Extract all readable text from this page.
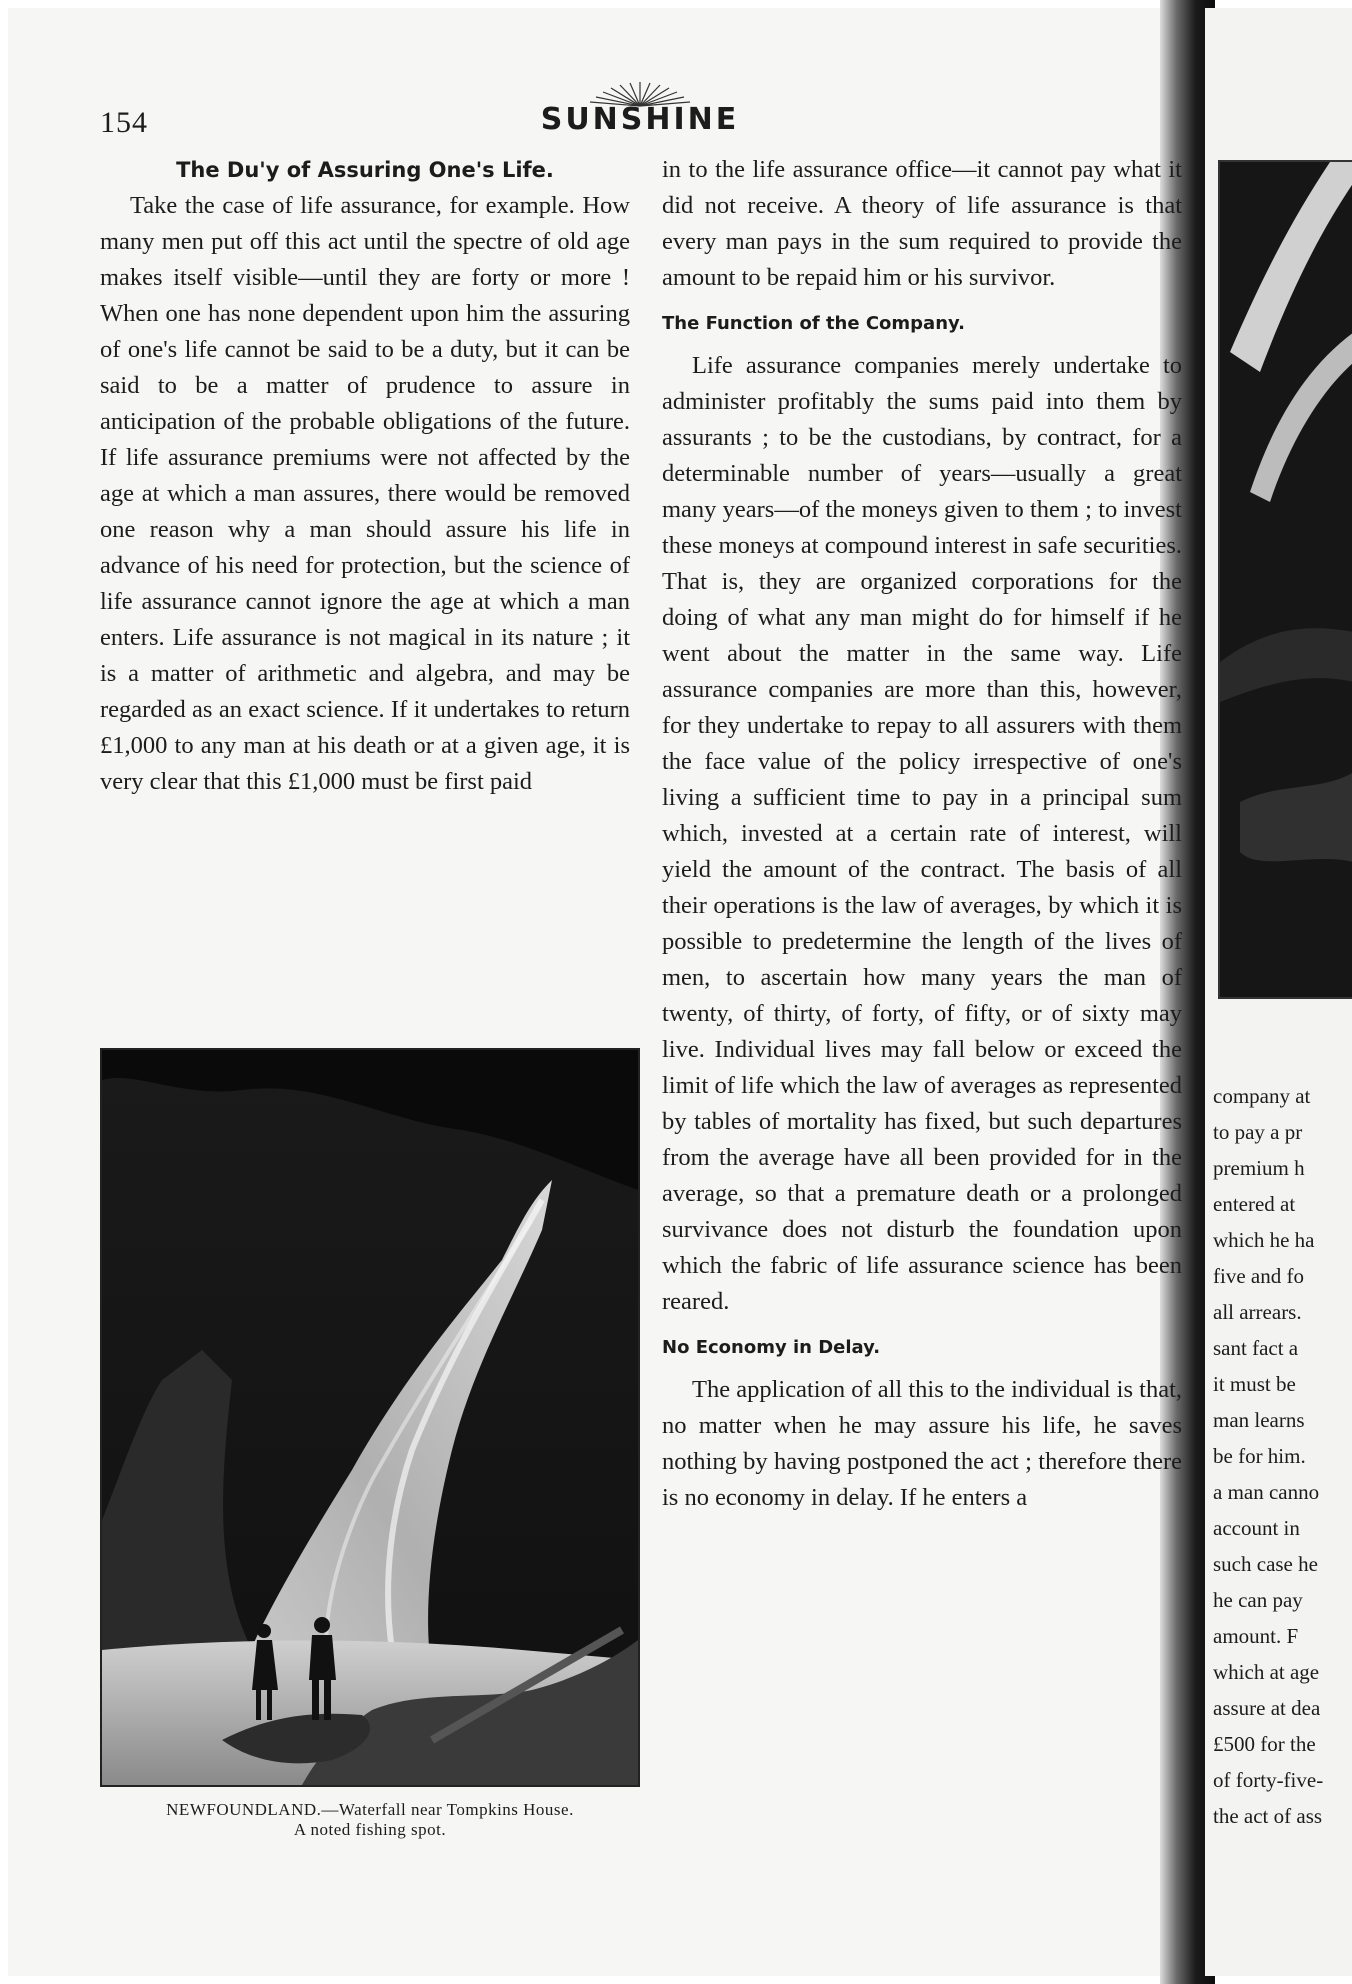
154	SUNSHINE
The Du'y of Assuring One's Life.

Take the case of life assurance, for example. How many men put off this act until the spectre of old age makes itself visible—until they are forty or more ! When one has none dependent upon him the assuring of one's life cannot be said to be a duty, but it can be said to be a matter of prudence to assure in anticipation of the probable obligations of the future. If life assurance premiums were not affected by the age at which a man assures, there would be removed one reason why a man should assure his life in advance of his need for protection, but the science of life assurance cannot ignore the age at which a man enters. Life assurance is not magical in its nature ; it is a matter of arithmetic and algebra, and may be regarded as an exact science. If it undertakes to return £1,000 to any man at his death or at a given age, it is very clear that this £1,000 must be first paid

NEWFOUNDLAND.—Waterfall near Tompkins House.
A noted fishing spot.

in to the life assurance office—it cannot pay what it did not receive. A theory of life assurance is that every man pays in the sum required to provide the amount to be repaid him or his survivor.

The Function of the Company.

Life assurance companies merely undertake to administer profitably the sums paid into them by assurants ; to be the custodians, by contract, for a determinable number of years—usually a great many years—of the moneys given to them ; to invest these moneys at compound interest in safe securities. That is, they are organized corporations for the doing of what any man might do for himself if he went about the matter in the same way. Life assurance companies are more than this, however, for they undertake to repay to all assurers with them the face value of the policy irrespective of one's living a sufficient time to pay in a principal sum which, invested at a certain rate of interest, will yield the amount of the contract. The basis of all their operations is the law of averages, by which it is possible to predetermine the length of the lives of men, to ascertain how many years the man of twenty, of thirty, of forty, of fifty, or of sixty may live. Individual lives may fall below or exceed the limit of life which the law of averages as represented by tables of mortality has fixed, but such departures from the average have all been provided for in the average, so that a premature death or a prolonged survivance does not disturb the foundation upon which the fabric of life assurance science has been reared.

No Economy in Delay.

The application of all this to the individual is that, no matter when he may assure his life, he saves nothing by having postponed the act ; therefore there is no economy in delay. If he enters a

company at
to pay a pr
premium h
entered at
which he ha
five and fo
all arrears.
sant fact a
it must be
man learns
be for him.
a man canno
account in
such case he
he can pay
amount. F
which at age
assure at dea
£500 for the
of forty-five-
the act of ass
